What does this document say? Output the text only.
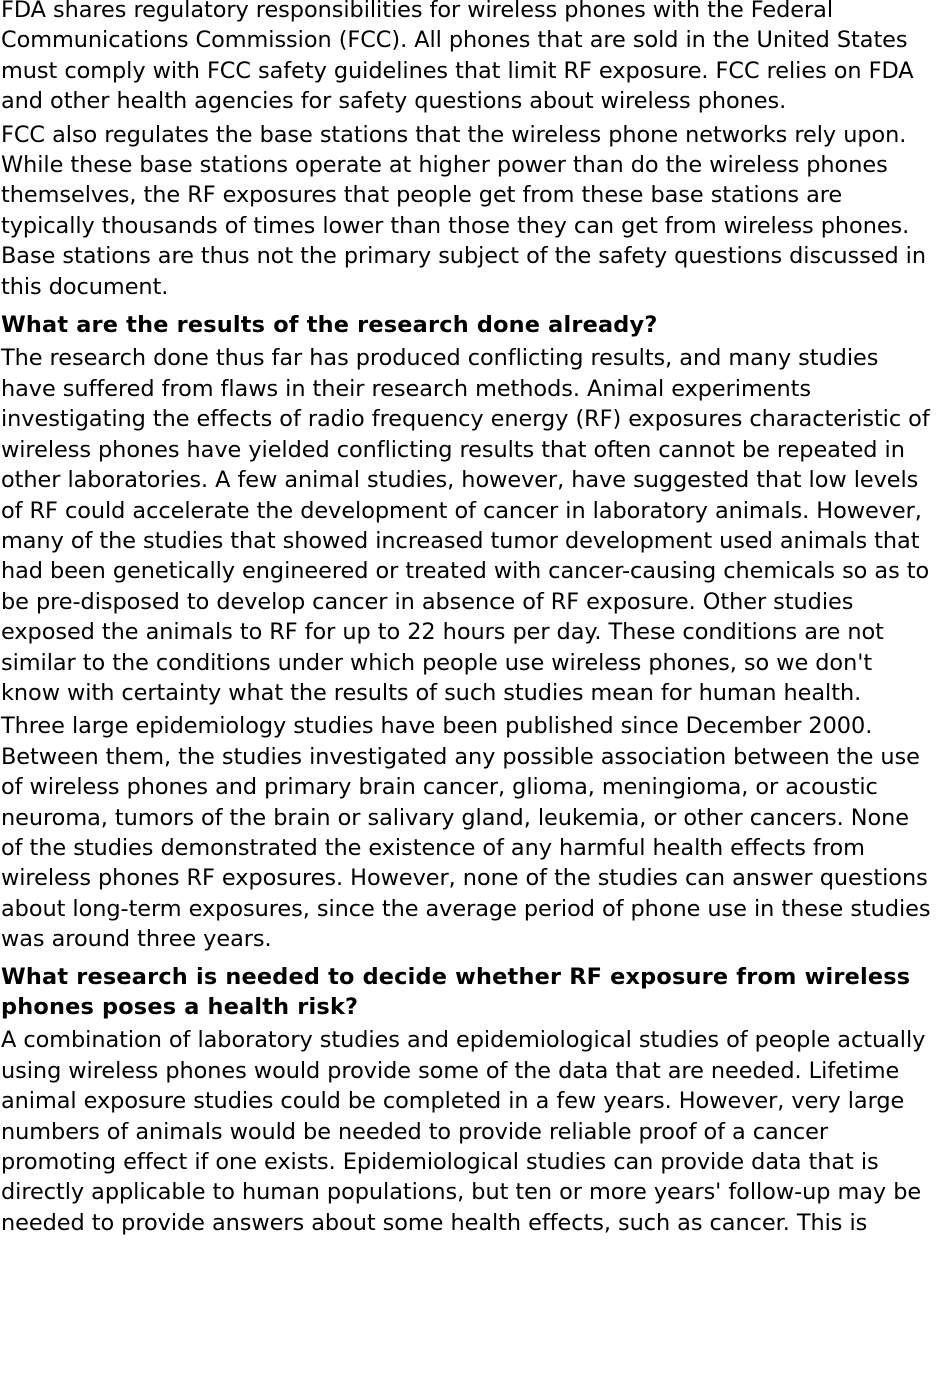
FDA shares regulatory responsibilities for wireless phones with the Federal Communications Commission (FCC). All phones that are sold in the United States must comply with FCC safety guidelines that limit RF exposure. FCC relies on FDA and other health agencies for safety questions about wireless phones.

FCC also regulates the base stations that the wireless phone networks rely upon. While these base stations operate at higher power than do the wireless phones themselves, the RF exposures that people get from these base stations are typically thousands of times lower than those they can get from wireless phones. Base stations are thus not the primary subject of the safety questions discussed in this document.

What are the results of the research done already?

The research done thus far has produced conflicting results, and many studies have suffered from flaws in their research methods. Animal experiments investigating the effects of radio frequency energy (RF) exposures characteristic of wireless phones have yielded conflicting results that often cannot be repeated in other laboratories. A few animal studies, however, have suggested that low levels of RF could accelerate the development of cancer in laboratory animals. However, many of the studies that showed increased tumor development used animals that had been genetically engineered or treated with cancer-causing chemicals so as to be pre-disposed to develop cancer in absence of RF exposure. Other studies exposed the animals to RF for up to 22 hours per day. These conditions are not similar to the conditions under which people use wireless phones, so we don't know with certainty what the results of such studies mean for human health.

Three large epidemiology studies have been published since December 2000. Between them, the studies investigated any possible association between the use of wireless phones and primary brain cancer, glioma, meningioma, or acoustic neuroma, tumors of the brain or salivary gland, leukemia, or other cancers. None of the studies demonstrated the existence of any harmful health effects from wireless phones RF exposures. However, none of the studies can answer questions about long-term exposures, since the average period of phone use in these studies was around three years.

What research is needed to decide whether RF exposure from wireless phones poses a health risk?

A combination of laboratory studies and epidemiological studies of people actually using wireless phones would provide some of the data that are needed. Lifetime animal exposure studies could be completed in a few years. However, very large numbers of animals would be needed to provide reliable proof of a cancer promoting effect if one exists. Epidemiological studies can provide data that is directly applicable to human populations, but ten or more years' follow-up may be needed to provide answers about some health effects, such as cancer. This is
